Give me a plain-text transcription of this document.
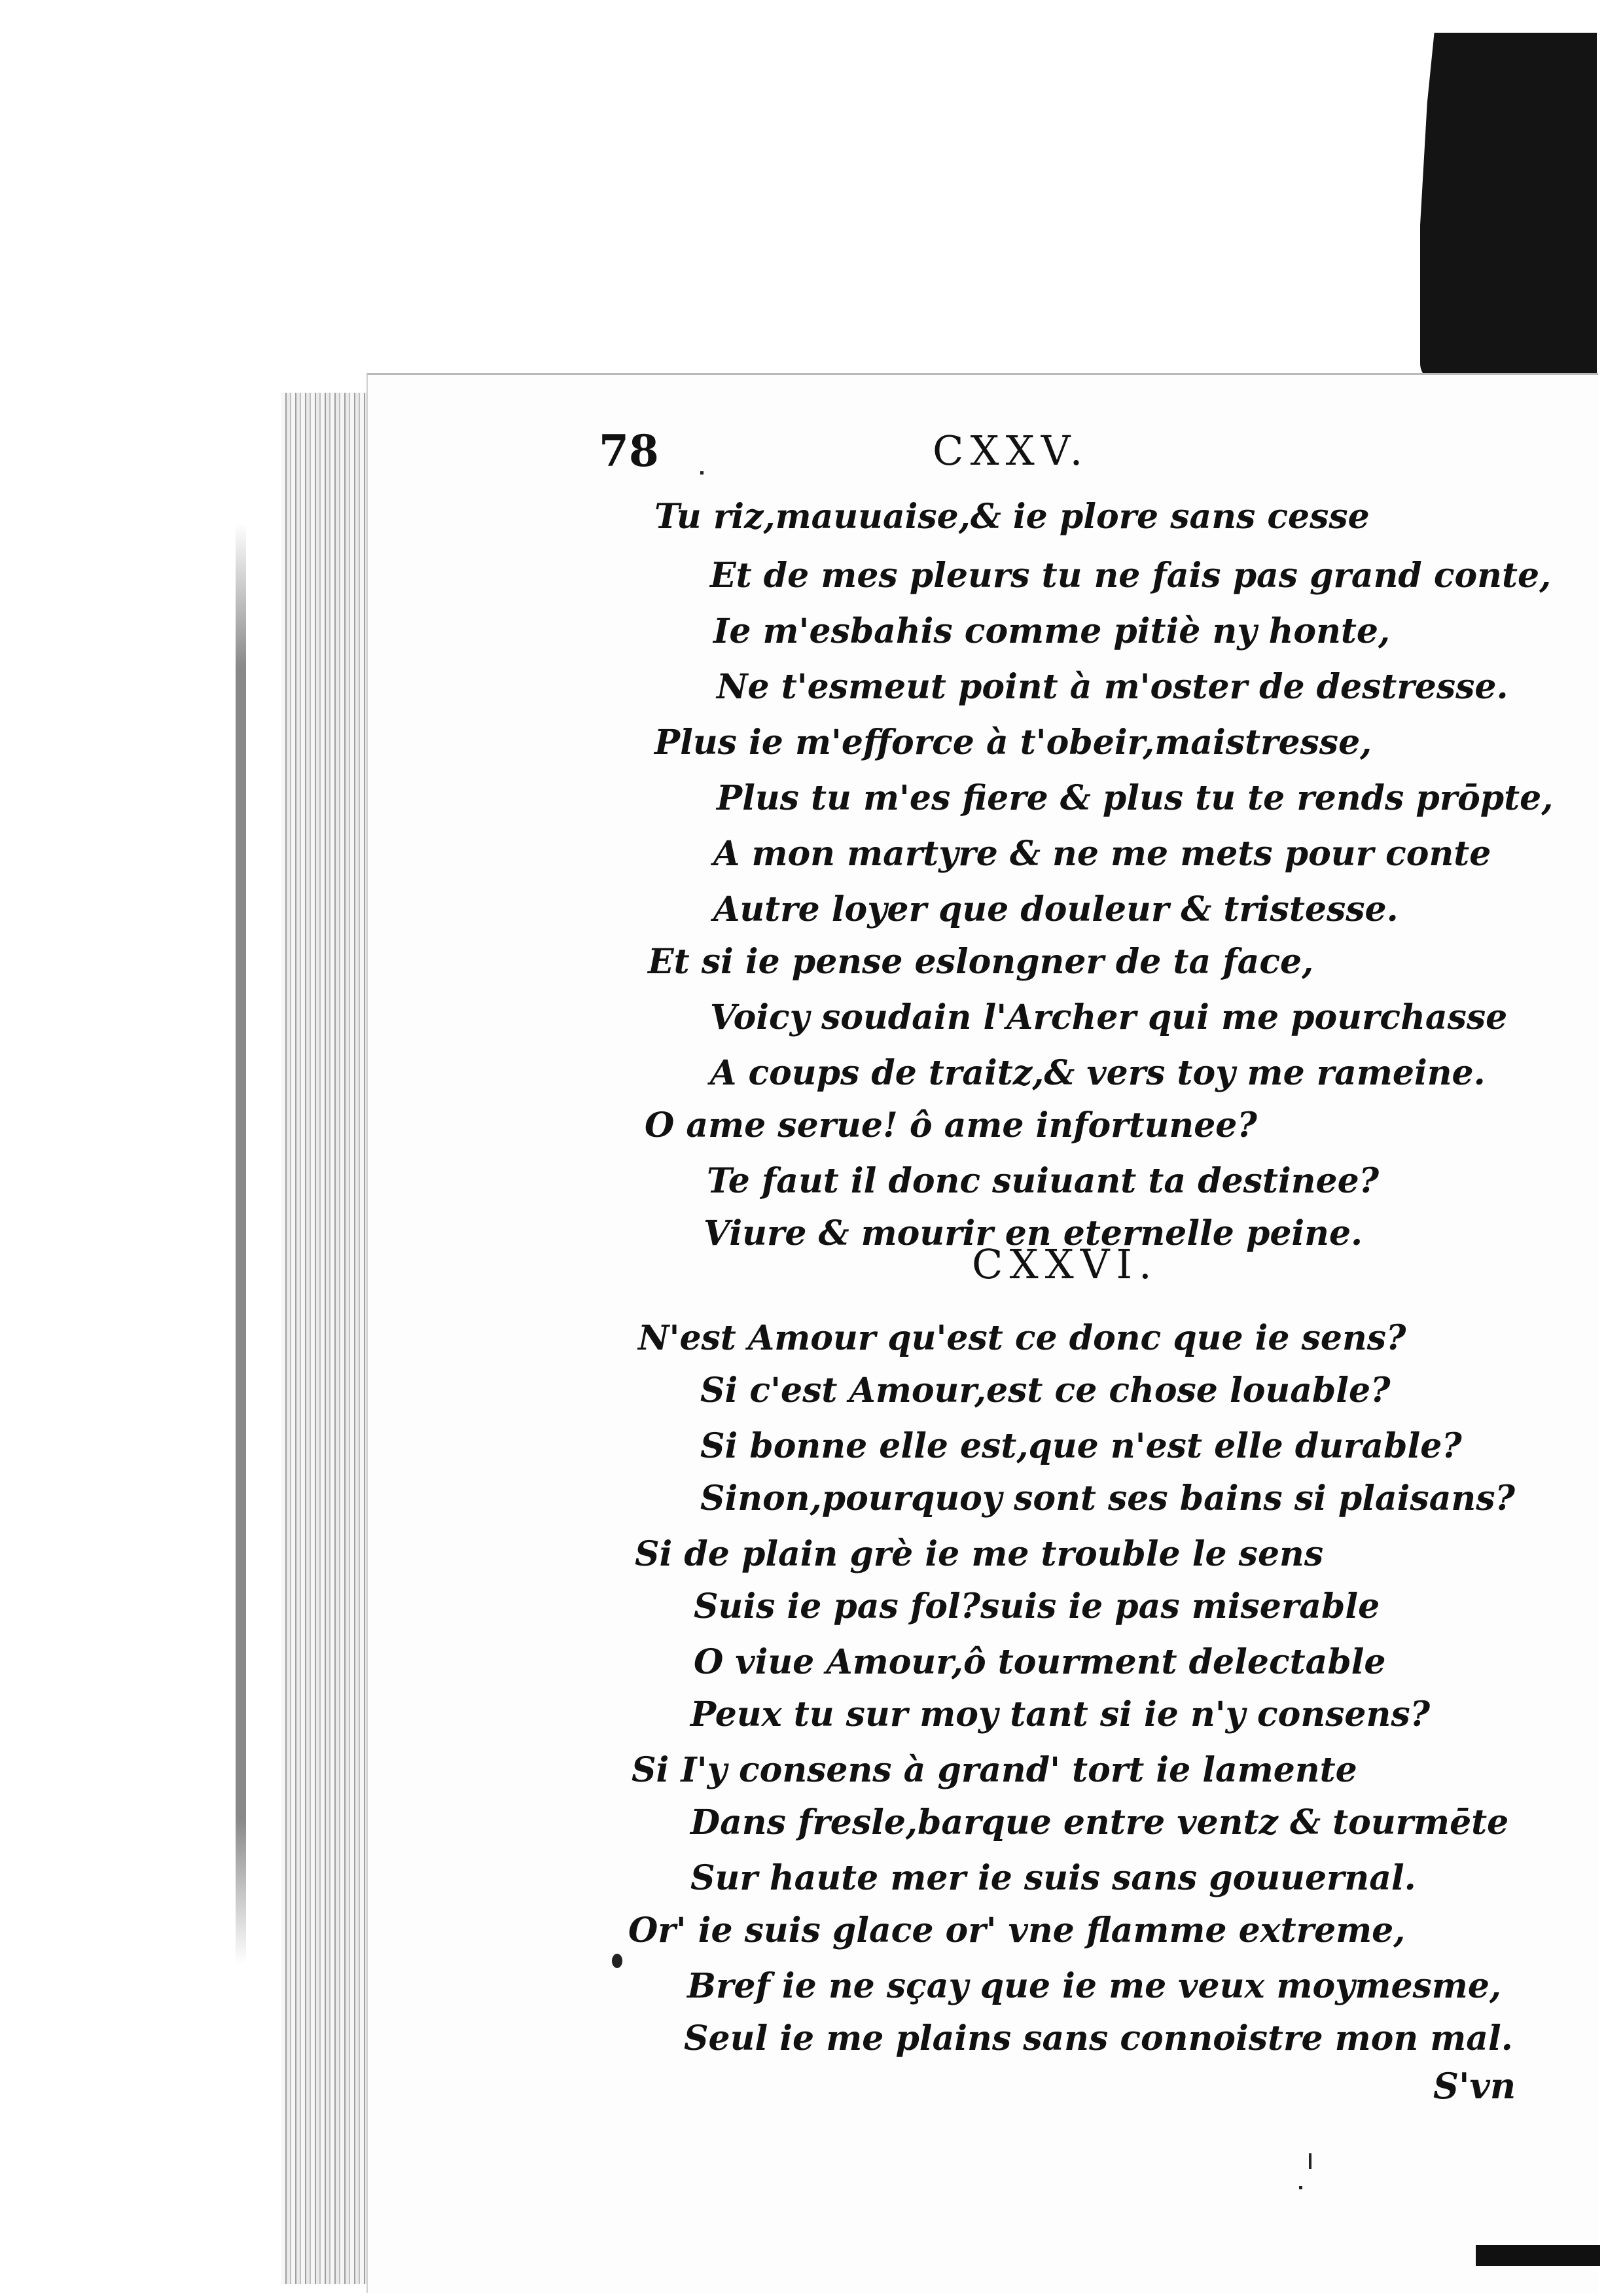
78	CXXV.
Tu riz,mauuaise,& ie plore sans cesse
Et de mes pleurs tu ne fais pas grand conte,
Ie m'esbahis comme pitiè ny honte,
Ne t'esmeut point à m'oster de destresse.
Plus ie m'efforce à t'obeir,maistresse,
Plus tu m'es fiere & plus tu te rends prōpte,
A mon martyre & ne me mets pour conte
Autre loyer que douleur & tristesse.
Et si ie pense eslongner de ta face,
Voicy soudain l'Archer qui me pourchasse
A coups de traitz,& vers toy me rameine.
O ame serue! ô ame infortunee?
Te faut il donc suiuant ta destinee?
Viure & mourir en eternelle peine.
CXXVI.
N'est Amour qu'est ce donc que ie sens?
Si c'est Amour,est ce chose louable?
Si bonne elle est,que n'est elle durable?
Sinon,pourquoy sont ses bains si plaisans?
Si de plain grè ie me trouble le sens
Suis ie pas fol?suis ie pas miserable
O viue Amour,ô tourment delectable
Peux tu sur moy tant si ie n'y consens?
Si I'y consens à grand' tort ie lamente
Dans fresle,barque entre ventz & tourmēte
Sur haute mer ie suis sans gouuernal.
Or' ie suis glace or' vne flamme extreme,
Bref ie ne sçay que ie me veux moymesme,
Seul ie me plains sans connoistre mon mal.
S'vn
